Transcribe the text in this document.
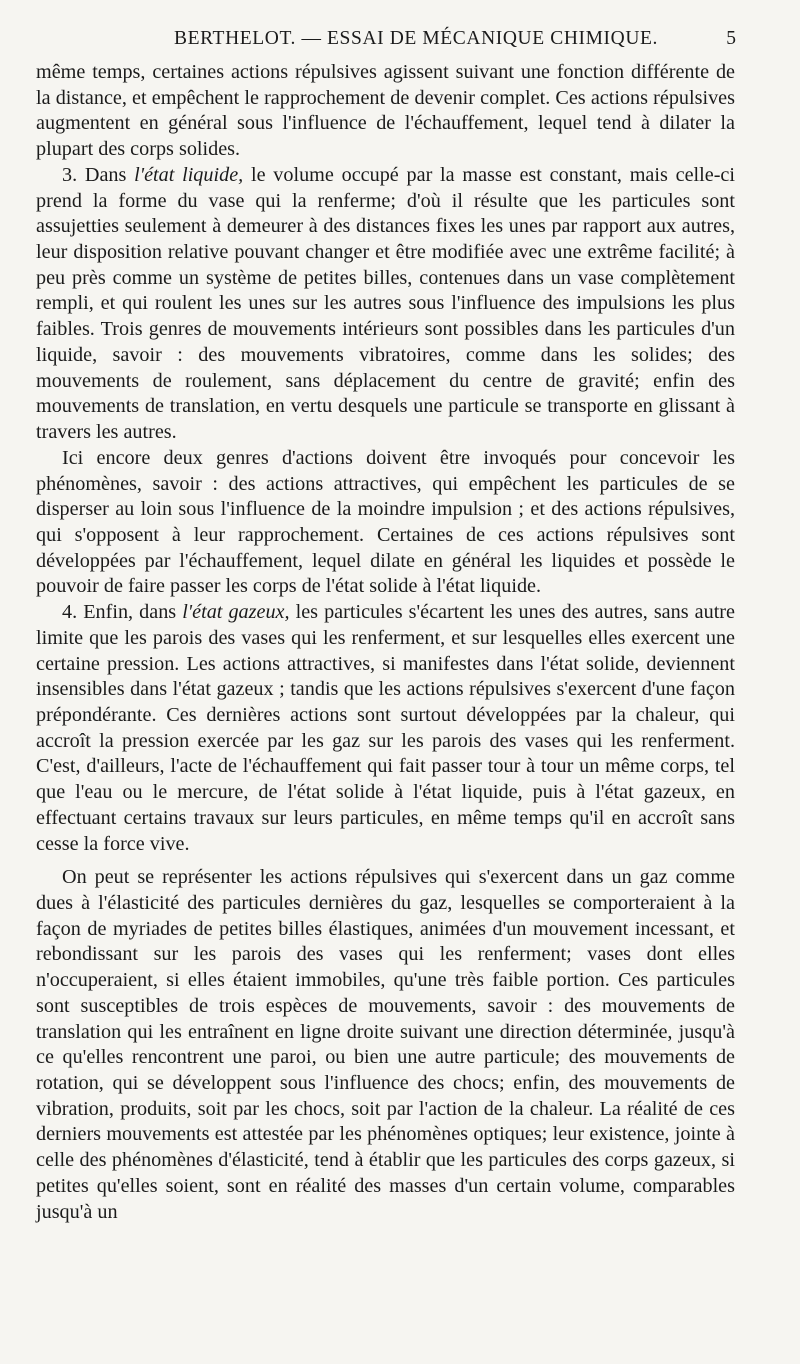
BERTHELOT. — ESSAI DE MÉCANIQUE CHIMIQUE.	5

même temps, certaines actions répulsives agissent suivant une fonction différente de la distance, et empêchent le rapprochement de devenir complet. Ces actions répulsives augmentent en général sous l'influence de l'échauffement, lequel tend à dilater la plupart des corps solides.

3. Dans l'état liquide, le volume occupé par la masse est constant, mais celle-ci prend la forme du vase qui la renferme; d'où il résulte que les particules sont assujetties seulement à demeurer à des distances fixes les unes par rapport aux autres, leur disposition relative pouvant changer et être modifiée avec une extrême facilité; à peu près comme un système de petites billes, contenues dans un vase complètement rempli, et qui roulent les unes sur les autres sous l'influence des impulsions les plus faibles. Trois genres de mouvements intérieurs sont possibles dans les particules d'un liquide, savoir : des mouvements vibratoires, comme dans les solides; des mouvements de roulement, sans déplacement du centre de gravité; enfin des mouvements de translation, en vertu desquels une particule se transporte en glissant à travers les autres.

Ici encore deux genres d'actions doivent être invoqués pour concevoir les phénomènes, savoir : des actions attractives, qui empêchent les particules de se disperser au loin sous l'influence de la moindre impulsion ; et des actions répulsives, qui s'opposent à leur rapprochement. Certaines de ces actions répulsives sont développées par l'échauffement, lequel dilate en général les liquides et possède le pouvoir de faire passer les corps de l'état solide à l'état liquide.

4. Enfin, dans l'état gazeux, les particules s'écartent les unes des autres, sans autre limite que les parois des vases qui les renferment, et sur lesquelles elles exercent une certaine pression. Les actions attractives, si manifestes dans l'état solide, deviennent insensibles dans l'état gazeux ; tandis que les actions répulsives s'exercent d'une façon prépondérante. Ces dernières actions sont surtout développées par la chaleur, qui accroît la pression exercée par les gaz sur les parois des vases qui les renferment. C'est, d'ailleurs, l'acte de l'échauffement qui fait passer tour à tour un même corps, tel que l'eau ou le mercure, de l'état solide à l'état liquide, puis à l'état gazeux, en effectuant certains travaux sur leurs particules, en même temps qu'il en accroît sans cesse la force vive.

On peut se représenter les actions répulsives qui s'exercent dans un gaz comme dues à l'élasticité des particules dernières du gaz, lesquelles se comporteraient à la façon de myriades de petites billes élastiques, animées d'un mouvement incessant, et rebondissant sur les parois des vases qui les renferment; vases dont elles n'occuperaient, si elles étaient immobiles, qu'une très faible portion. Ces particules sont susceptibles de trois espèces de mouvements, savoir : des mouvements de translation qui les entraînent en ligne droite suivant une direction déterminée, jusqu'à ce qu'elles rencontrent une paroi, ou bien une autre particule; des mouvements de rotation, qui se développent sous l'influence des chocs; enfin, des mouvements de vibration, produits, soit par les chocs, soit par l'action de la chaleur. La réalité de ces derniers mouvements est attestée par les phénomènes optiques; leur existence, jointe à celle des phénomènes d'élasticité, tend à établir que les particules des corps gazeux, si petites qu'elles soient, sont en réalité des masses d'un certain volume, comparables jusqu'à un
